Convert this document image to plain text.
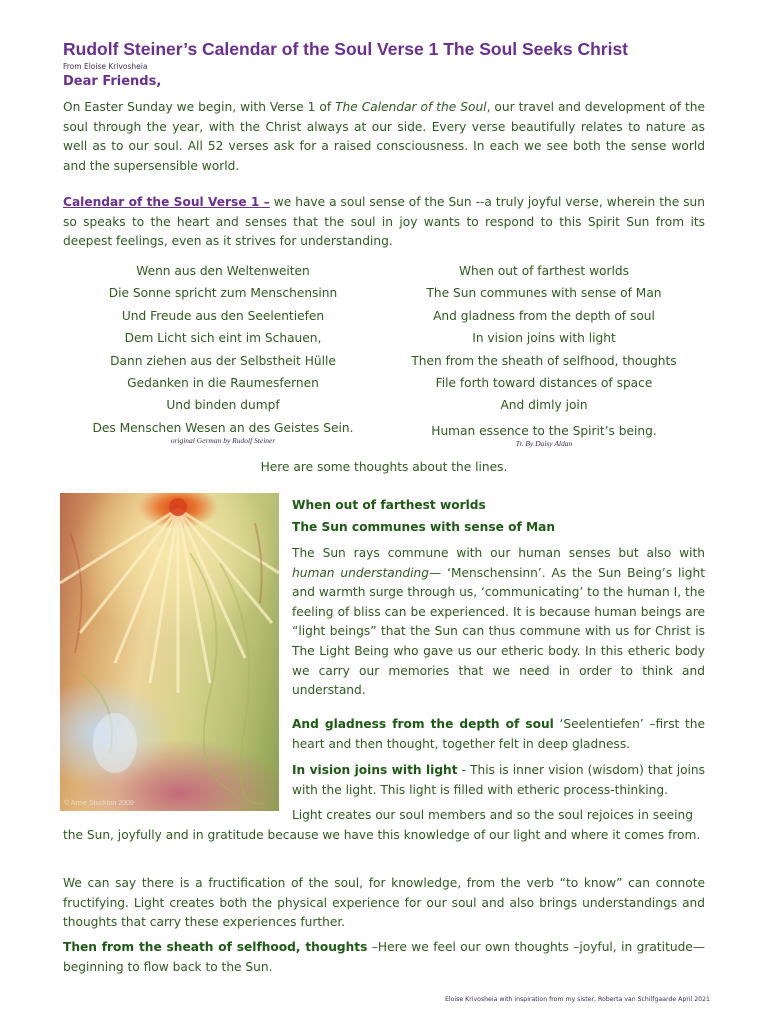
Rudolf Steiner’s Calendar of the Soul Verse 1 The Soul Seeks Christ
From Eloise Krivosheia
Dear Friends,
On Easter Sunday we begin, with Verse 1 of The Calendar of the Soul, our travel and development of the soul through the year, with the Christ always at our side. Every verse beautifully relates to nature as well as to our soul. All 52 verses ask for a raised consciousness. In each we see both the sense world and the supersensible world.
Calendar of the Soul Verse 1 – we have a soul sense of the Sun --a truly joyful verse, wherein the sun so speaks to the heart and senses that the soul in joy wants to respond to this Spirit Sun from its deepest feelings, even as it strives for understanding.
Wenn aus den Weltenweiten
Die Sonne spricht zum Menschensinn
Und Freude aus den Seelentiefen
Dem Licht sich eint im Schauen,
Dann ziehen aus der Selbstheit Hülle
Gedanken in die Raumesfernen
Und binden dumpf
Des Menschen Wesen an des Geistes Sein.
original German by Rudolf Steiner
When out of farthest worlds
The Sun communes with sense of Man
And gladness from the depth of soul
In vision joins with light
Then from the sheath of selfhood, thoughts
File forth toward distances of space
And dimly join
Human essence to the Spirit’s being.
Tr. By Daisy Aldan
Here are some thoughts about the lines.
© Anne Stockton 2009
When out of farthest worlds
The Sun communes with sense of Man
The Sun rays commune with our human senses but also with human understanding— ‘Menschensinn’. As the Sun Being’s light and warmth surge through us, ‘communicating’ to the human I, the feeling of bliss can be experienced. It is because human beings are “light beings” that the Sun can thus commune with us for Christ is The Light Being who gave us our etheric body. In this etheric body we carry our memories that we need in order to think and understand.
And gladness from the depth of soul ‘Seelentiefen’ –first the heart and then thought, together felt in deep gladness.
In vision joins with light - This is inner vision (wisdom) that joins with the light. This light is filled with etheric process-thinking.
Light creates our soul members and so the soul rejoices in seeing
the Sun, joyfully and in gratitude because we have this knowledge of our light and where it comes from.
We can say there is a fructification of the soul, for knowledge, from the verb “to know” can connote fructifying. Light creates both the physical experience for our soul and also brings understandings and thoughts that carry these experiences further.
Then from the sheath of selfhood, thoughts –Here we feel our own thoughts –joyful, in gratitude—beginning to flow back to the Sun.
Eloise Krivosheia with inspiration from my sister, Roberta van Schilfgaarde April 2021
